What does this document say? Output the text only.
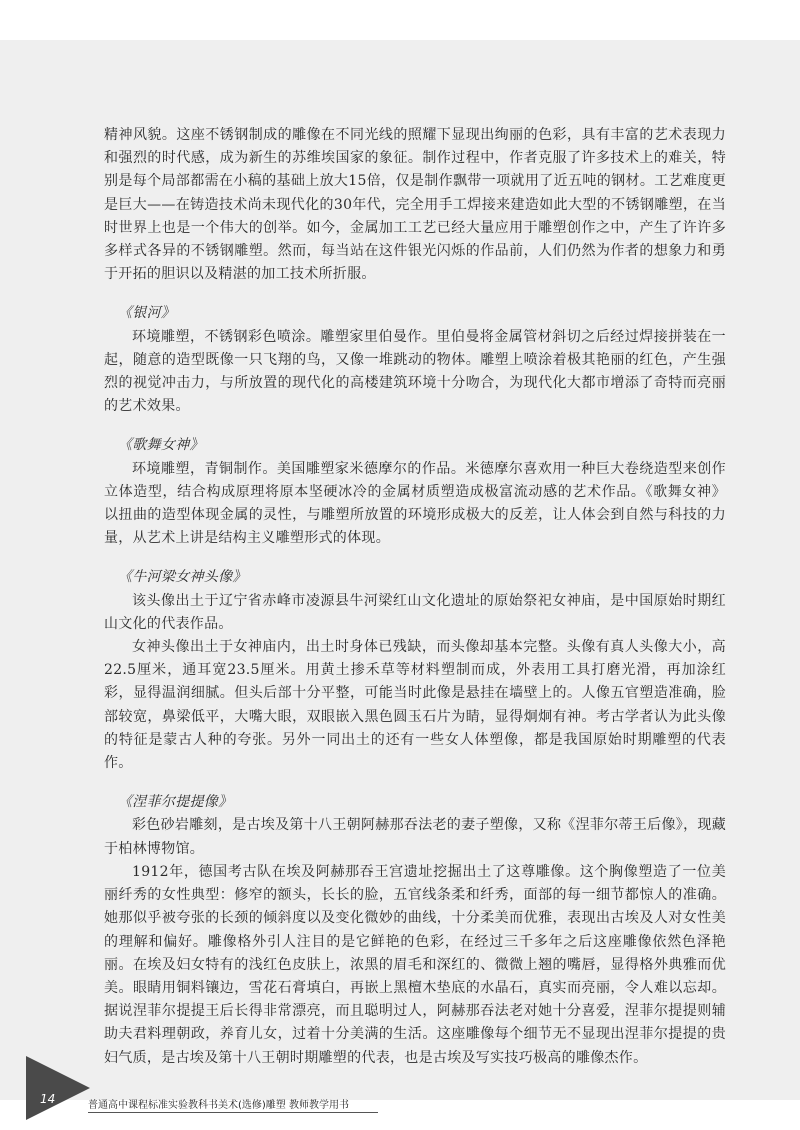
精神风貌。这座不锈钢制成的雕像在不同光线的照耀下显现出绚丽的色彩，具有丰富的艺术表现力和强烈的时代感，成为新生的苏维埃国家的象征。制作过程中，作者克服了许多技术上的难关，特别是每个局部都需在小稿的基础上放大15倍，仅是制作飘带一项就用了近五吨的钢材。工艺难度更是巨大——在铸造技术尚未现代化的30年代，完全用手工焊接来建造如此大型的不锈钢雕塑，在当时世界上也是一个伟大的创举。如今，金属加工工艺已经大量应用于雕塑创作之中，产生了许许多多样式各异的不锈钢雕塑。然而，每当站在这件银光闪烁的作品前，人们仍然为作者的想象力和勇于开拓的胆识以及精湛的加工技术所折服。

《银河》

环境雕塑，不锈钢彩色喷涂。雕塑家里伯曼作。里伯曼将金属管材斜切之后经过焊接拼装在一起，随意的造型既像一只飞翔的鸟，又像一堆跳动的物体。雕塑上喷涂着极其艳丽的红色，产生强烈的视觉冲击力，与所放置的现代化的高楼建筑环境十分吻合，为现代化大都市增添了奇特而亮丽的艺术效果。

《歌舞女神》

环境雕塑，青铜制作。美国雕塑家米德摩尔的作品。米德摩尔喜欢用一种巨大卷绕造型来创作立体造型，结合构成原理将原本坚硬冰冷的金属材质塑造成极富流动感的艺术作品。《歌舞女神》以扭曲的造型体现金属的灵性，与雕塑所放置的环境形成极大的反差，让人体会到自然与科技的力量，从艺术上讲是结构主义雕塑形式的体现。

《牛河梁女神头像》

该头像出土于辽宁省赤峰市凌源县牛河梁红山文化遗址的原始祭祀女神庙，是中国原始时期红山文化的代表作品。

女神头像出土于女神庙内，出土时身体已残缺，而头像却基本完整。头像有真人头像大小，高22.5厘米，通耳宽23.5厘米。用黄土掺禾草等材料塑制而成，外表用工具打磨光滑，再加涂红彩，显得温润细腻。但头后部十分平整，可能当时此像是悬挂在墙壁上的。人像五官塑造准确，脸部较宽，鼻梁低平，大嘴大眼，双眼嵌入黑色圆玉石片为睛，显得炯炯有神。考古学者认为此头像的特征是蒙古人种的夸张。另外一同出土的还有一些女人体塑像，都是我国原始时期雕塑的代表作。

《涅菲尔提提像》

彩色砂岩雕刻，是古埃及第十八王朝阿赫那吞法老的妻子塑像，又称《涅菲尔蒂王后像》，现藏于柏林博物馆。

1912年，德国考古队在埃及阿赫那吞王宫遗址挖掘出土了这尊雕像。这个胸像塑造了一位美丽纤秀的女性典型：修窄的额头，长长的脸，五官线条柔和纤秀，面部的每一细节都惊人的准确。她那似乎被夸张的长颈的倾斜度以及变化微妙的曲线，十分柔美而优雅，表现出古埃及人对女性美的理解和偏好。雕像格外引人注目的是它鲜艳的色彩，在经过三千多年之后这座雕像依然色泽艳丽。在埃及妇女特有的浅红色皮肤上，浓黑的眉毛和深红的、微微上翘的嘴唇，显得格外典雅而优美。眼睛用铜料镶边，雪花石膏填白，再嵌上黑檀木垫底的水晶石，真实而亮丽，令人难以忘却。据说涅菲尔提提王后长得非常漂亮，而且聪明过人，阿赫那吞法老对她十分喜爱，涅菲尔提提则辅助夫君料理朝政，养育儿女，过着十分美满的生活。这座雕像每个细节无不显现出涅菲尔提提的贵妇气质，是古埃及第十八王朝时期雕塑的代表，也是古埃及写实技巧极高的雕像杰作。

14	普通高中课程标准实验教科书美术(选修)雕塑 教师教学用书
